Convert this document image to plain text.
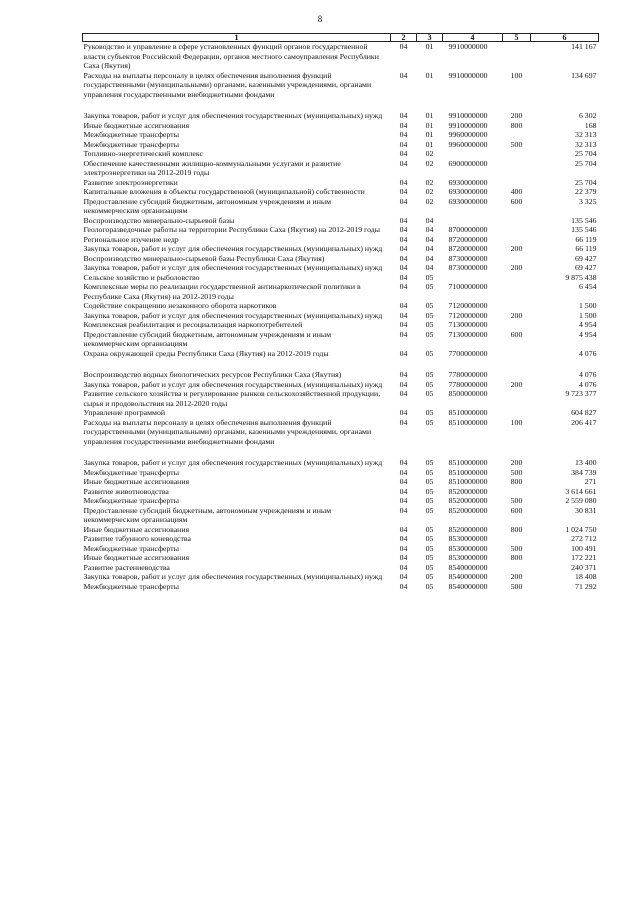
8
1	2	3	4	5	6
Руководство и управление в сфере установленных функций органов государственной власти субъектов Российской Федерации, органов местного самоуправления Республики Саха (Якутия)	04	01	9910000000		141 167
Расходы на выплаты персоналу в целях обеспечения выполнения функций государственными (муниципальными) органами, казенными учреждениями, органами управления государственными внебюджетными фондами	04	01	9910000000	100	134 697
Закупка товаров, работ и услуг для обеспечения государственных (муниципальных) нужд	04	01	9910000000	200	6 302
Иные бюджетные ассигнования	04	01	9910000000	800	168
Межбюджетные трансферты	04	01	9960000000		32 313
Межбюджетные трансферты	04	01	9960000000	500	32 313
Топливно-энергетический комплекс	04	02			25 704
Обеспечение качественными жилищно-коммунальными услугами и развитие электроэнергетики на 2012-2019 годы	04	02	6900000000		25 704
Развитие электроэнергетики	04	02	6930000000		25 704
Капитальные вложения в объекты государственной (муниципальной) собственности	04	02	6930000000	400	22 379
Предоставление субсидий бюджетным, автономным учреждениям и иным некоммерческим организациям	04	02	6930000000	600	3 325
Воспроизводство минерально-сырьевой базы	04	04			135 546
Геологоразведочные работы на территории Республики Саха (Якутия) на 2012-2019 годы	04	04	8700000000		135 546
Региональное изучение недр	04	04	8720000000		66 119
Закупка товаров, работ и услуг для обеспечения государственных (муниципальных) нужд	04	04	8720000000	200	66 119
Воспроизводство минерально-сырьевой базы Республики Саха (Якутия)	04	04	8730000000		69 427
Закупка товаров, работ и услуг для обеспечения государственных (муниципальных) нужд	04	04	8730000000	200	69 427
Сельское хозяйство и рыболовство	04	05			9 875 438
Комплексные меры по реализации государственной антинаркотической политики в Республике Саха (Якутия) на 2012-2019 годы	04	05	7100000000		6 454
Содействие сокращению незаконного оборота наркотиков	04	05	7120000000		1 500
Закупка товаров, работ и услуг для обеспечения государственных (муниципальных) нужд	04	05	7120000000	200	1 500
Комплексная реабилитация и ресоциализация наркопотребителей	04	05	7130000000		4 954
Предоставление субсидий бюджетным, автономным учреждениям и иным некоммерческим организациям	04	05	7130000000	600	4 954
Охрана окружающей среды Республики Саха (Якутия) на 2012-2019 годы	04	05	7700000000		4 076
Воспроизводство водных биологических ресурсов Республики Саха (Якутия)	04	05	7780000000		4 076
Закупка товаров, работ и услуг для обеспечения государственных (муниципальных) нужд	04	05	7780000000	200	4 076
Развитие сельского хозяйства и регулирование рынков сельскохозяйственной продукции, сырья и продовольствия на 2012-2020 годы	04	05	8500000000		9 723 377
Управление программой	04	05	8510000000		604 827
Расходы на выплаты персоналу в целях обеспечения выполнения функций государственными (муниципальными) органами, казенными учреждениями, органами управления государственными внебюджетными фондами	04	05	8510000000	100	206 417
Закупка товаров, работ и услуг для обеспечения государственных (муниципальных) нужд	04	05	8510000000	200	13 400
Межбюджетные трансферты	04	05	8510000000	500	384 739
Иные бюджетные ассигнования	04	05	8510000000	800	271
Развитие животноводства	04	05	8520000000		3 614 661
Межбюджетные трансферты	04	05	8520000000	500	2 559 080
Предоставление субсидий бюджетным, автономным учреждениям и иным некоммерческим организациям	04	05	8520000000	600	30 831
Иные бюджетные ассигнования	04	05	8520000000	800	1 024 750
Развитие табунного коневодства	04	05	8530000000		272 712
Межбюджетные трансферты	04	05	8530000000	500	100 491
Иные бюджетные ассигнования	04	05	8530000000	800	172 221
Развитие растениеводства	04	05	8540000000		240 371
Закупка товаров, работ и услуг для обеспечения государственных (муниципальных) нужд	04	05	8540000000	200	18 408
Межбюджетные трансферты	04	05	8540000000	500	71 292
